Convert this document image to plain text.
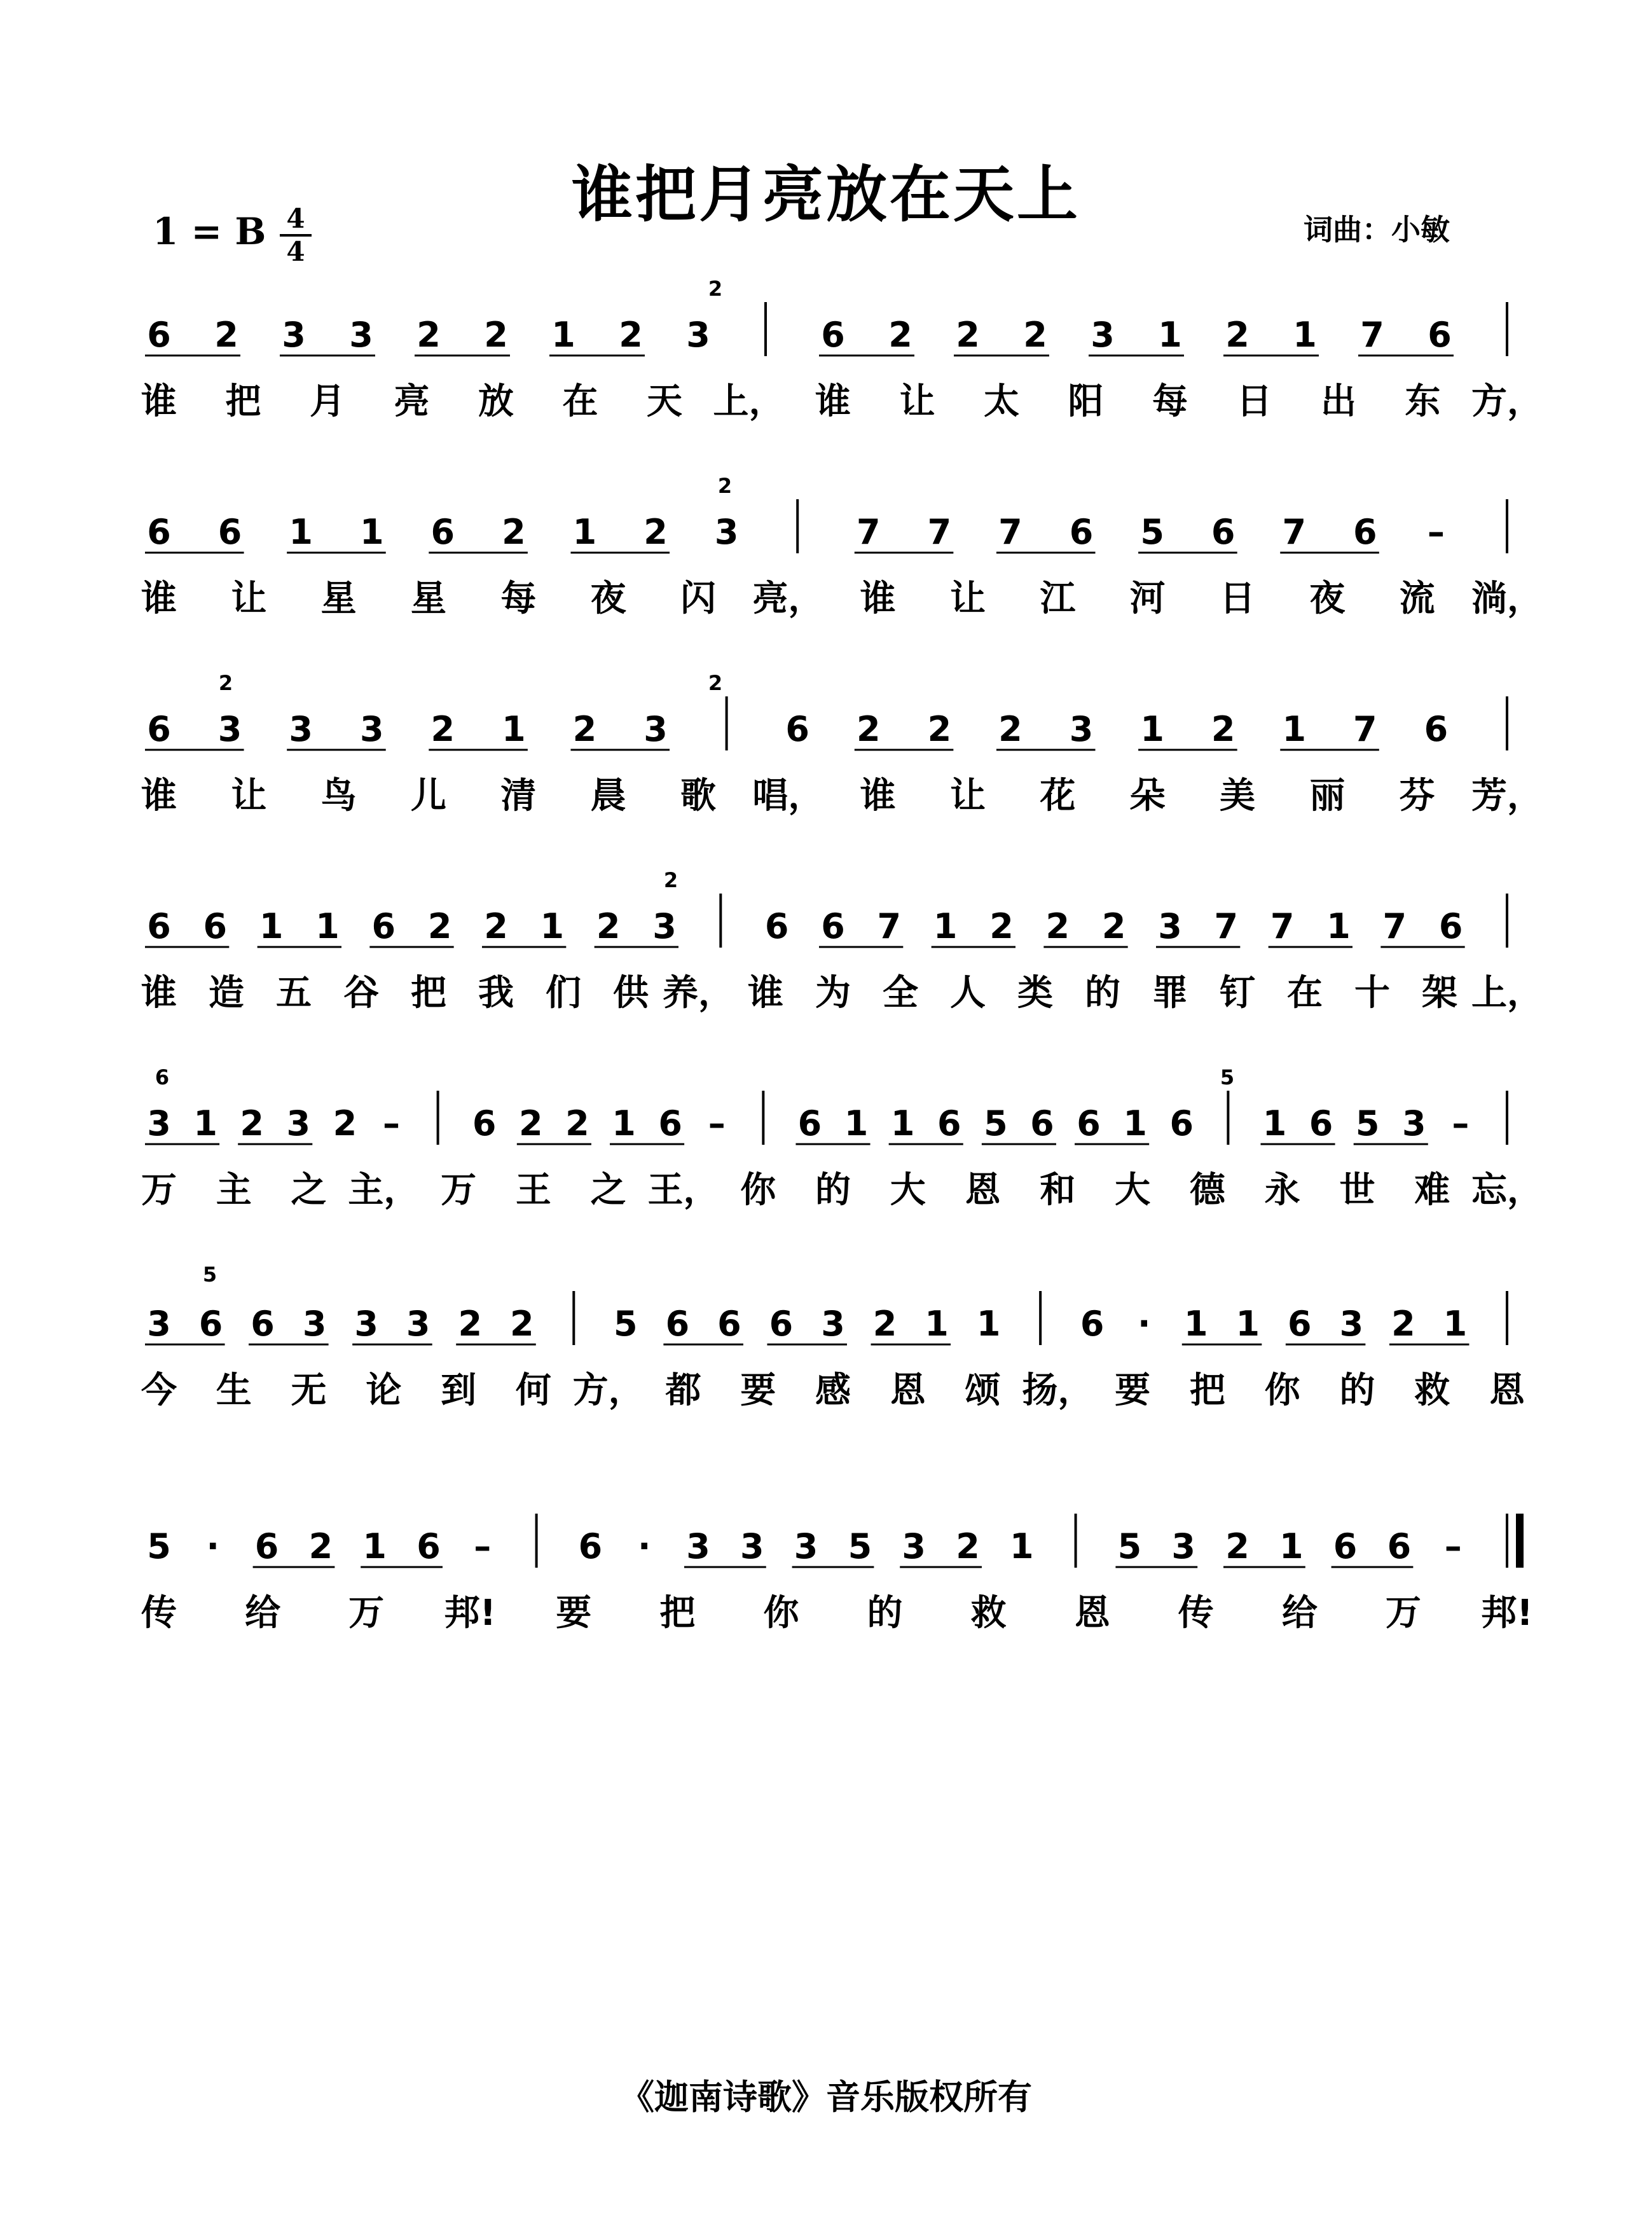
谁把月亮放在天上
1 = B 4
4
词曲：小敏
6 2 3 3 2 2 1 2 3	6 2 2 2 3 1 2 1 7 6
谁 把 月 亮 放 在 天 上， 谁 让 太 阳 每 日 出 东 方，
6 6 1 1 6 2 1 2 3	7 7 7 6 5 6 7 6 –
谁 让 星 星 每 夜 闪 亮， 谁 让 江 河 日 夜 流 淌，
6 3 3 3 2 1 2 3	6 2 2 2 3 1 2 1 7 6
谁 让 鸟 儿 清 晨 歌 唱， 谁 让 花 朵 美 丽 芬 芳，
6 6 1 1 6 2 2 1 2 3	6 6 7 1 2 2 2 3 7 7 1 7 6
谁 造 五 谷 把 我 们 供 养， 谁 为 全 人 类 的 罪 钉 在 十 架 上，
3 1 2 3 2 – 6 2 2 1 6 – 6 1 1 6 5 6 6 1 6 1 6 5 3 –
万 主 之 主， 万 王 之 王， 你 的 大 恩 和 大 德 永 世 难 忘，
3 6 6 3 3 3 2 2 5 6 6 6 3 2 1 1 6 · 1 1 6 3 2 1
今 生 无 论 到 何 方， 都 要 感 恩 颂 扬， 要 把 你 的 救 恩
5 · 6 2 1 6 –	6 · 3 3 3 5 3 2 1 5 3 2 1 6 6 –
传 给 万 邦! 要 把 你 的 救 恩 传 给 万 邦!
2
2
2	2
2
6	5
5
《迦南诗歌》音乐版权所有
